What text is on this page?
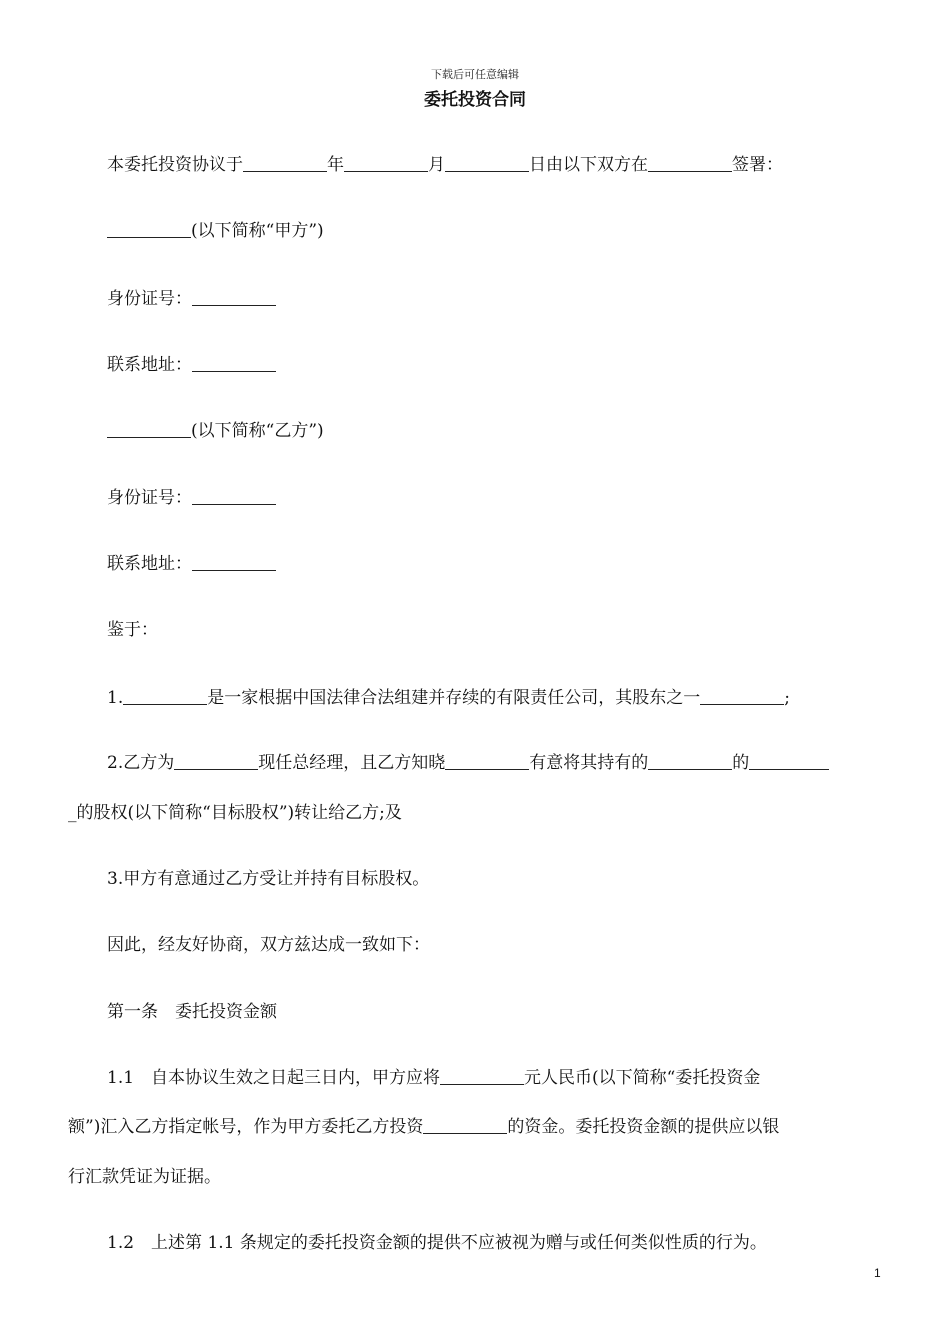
下载后可任意编辑
委托投资合同
本委托投资协议于	年	月	日由以下双方在	签署：
(以下简称“甲方”)
身份证号：
联系地址：
(以下简称“乙方”)
身份证号：
联系地址：
鉴于：
1.	是一家根据中国法律合法组建并存续的有限责任公司，其股东之一	;
2.乙方为	现任总经理，且乙方知晓	有意将其持有的	的
_的股权(以下简称“目标股权”)转让给乙方;及
3.甲方有意通过乙方受让并持有目标股权。
因此，经友好协商，双方兹达成一致如下：
第一条　委托投资金额
1.1　自本协议生效之日起三日内，甲方应将	元人民币(以下简称“委托投资金
额”)汇入乙方指定帐号，作为甲方委托乙方投资	的资金。委托投资金额的提供应以银
行汇款凭证为证据。
1.2　上述第 1.1 条规定的委托投资金额的提供不应被视为赠与或任何类似性质的行为。
1
